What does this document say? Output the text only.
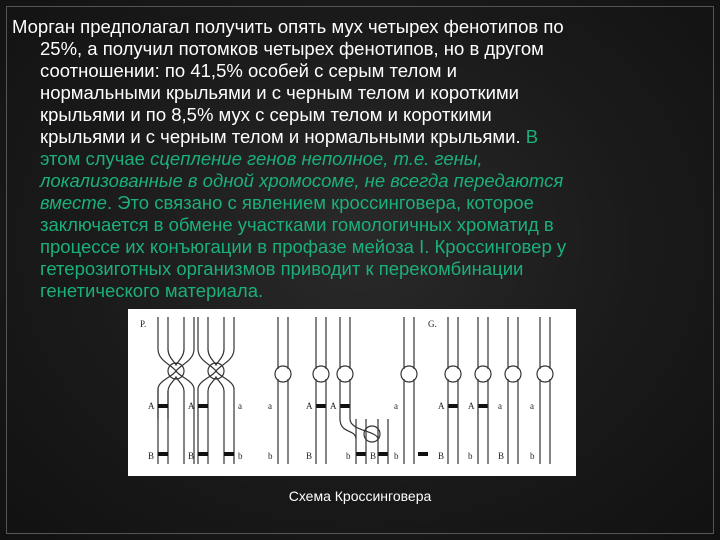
Морган предполагал получить опять мух четырех фенотипов по
25%, а получил потомков четырех фенотипов, но в другом
соотношении: по 41,5% особей с серым телом и
нормальными крыльями и с черным телом и короткими
крыльями и по 8,5% мух с серым телом и короткими
крыльями и с черным телом и нормальными крыльями. В
этом случае сцепление генов неполное, т.е. гены,
локализованные в одной хромосоме, не всегда передаются
вместе. Это связано с явлением кроссинговера, которое
заключается в обмене участками гомологичных хроматид в
процессе их конъюгации в профазе мейоза I. Кроссинговер у
гетерозиготных организмов приводит к перекомбинации
генетического материала.
P.	G.
A	A	a
B	B	b
a
b
A
B
A
b B
a
b
A
B
A
b
a
B
a
b
Схема Кроссинговера
